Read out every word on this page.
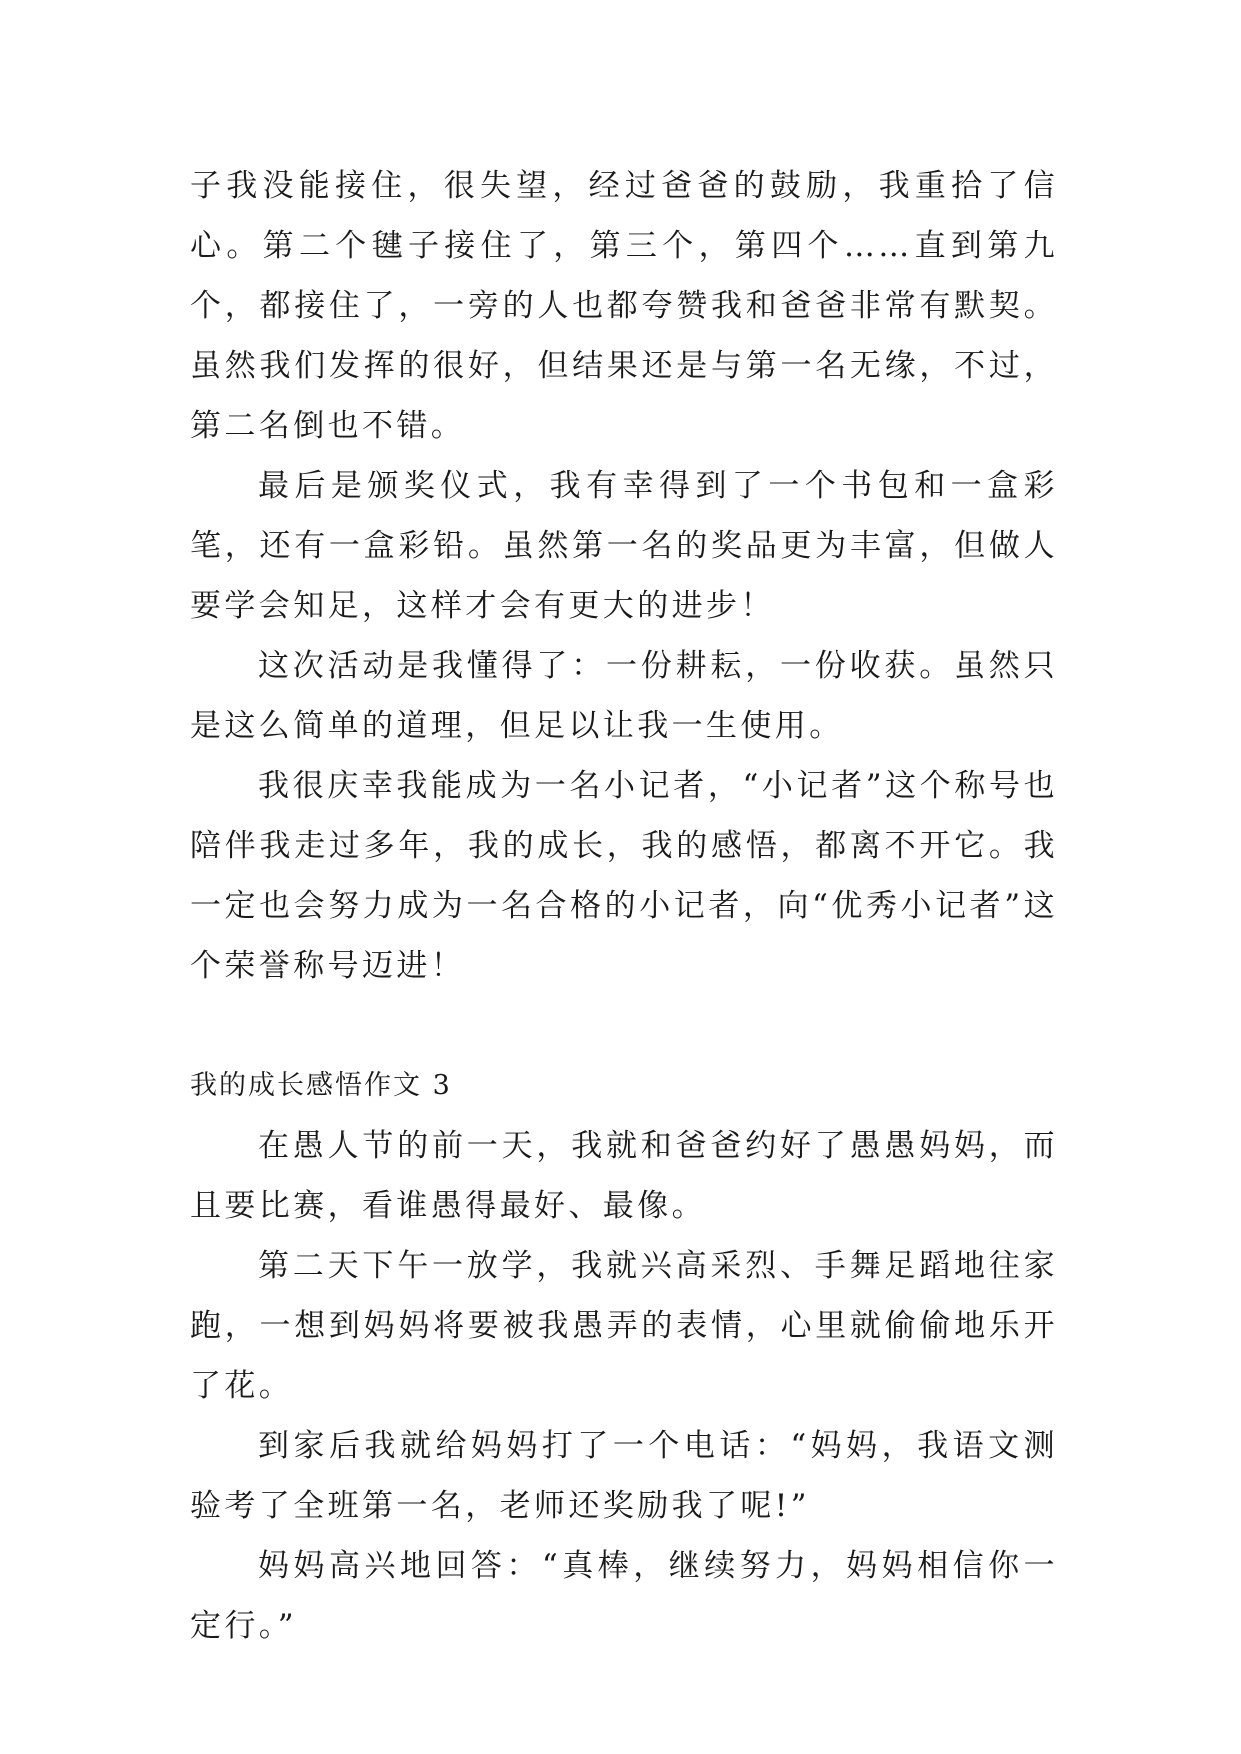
子我没能接住，很失望，经过爸爸的鼓励，我重拾了信心。第二个毽子接住了，第三个，第四个……直到第九个，都接住了，一旁的人也都夸赞我和爸爸非常有默契。虽然我们发挥的很好，但结果还是与第一名无缘，不过，第二名倒也不错。

最后是颁奖仪式，我有幸得到了一个书包和一盒彩笔，还有一盒彩铅。虽然第一名的奖品更为丰富，但做人要学会知足，这样才会有更大的进步！

这次活动是我懂得了：一份耕耘，一份收获。虽然只是这么简单的道理，但足以让我一生使用。

我很庆幸我能成为一名小记者，“小记者”这个称号也陪伴我走过多年，我的成长，我的感悟，都离不开它。我一定也会努力成为一名合格的小记者，向“优秀小记者”这个荣誉称号迈进！

我的成长感悟作文 3

在愚人节的前一天，我就和爸爸约好了愚愚妈妈，而且要比赛，看谁愚得最好、最像。

第二天下午一放学，我就兴高采烈、手舞足蹈地往家跑，一想到妈妈将要被我愚弄的表情，心里就偷偷地乐开了花。

到家后我就给妈妈打了一个电话：“妈妈，我语文测验考了全班第一名，老师还奖励我了呢!”

妈妈高兴地回答：“真棒，继续努力，妈妈相信你一定行。”
